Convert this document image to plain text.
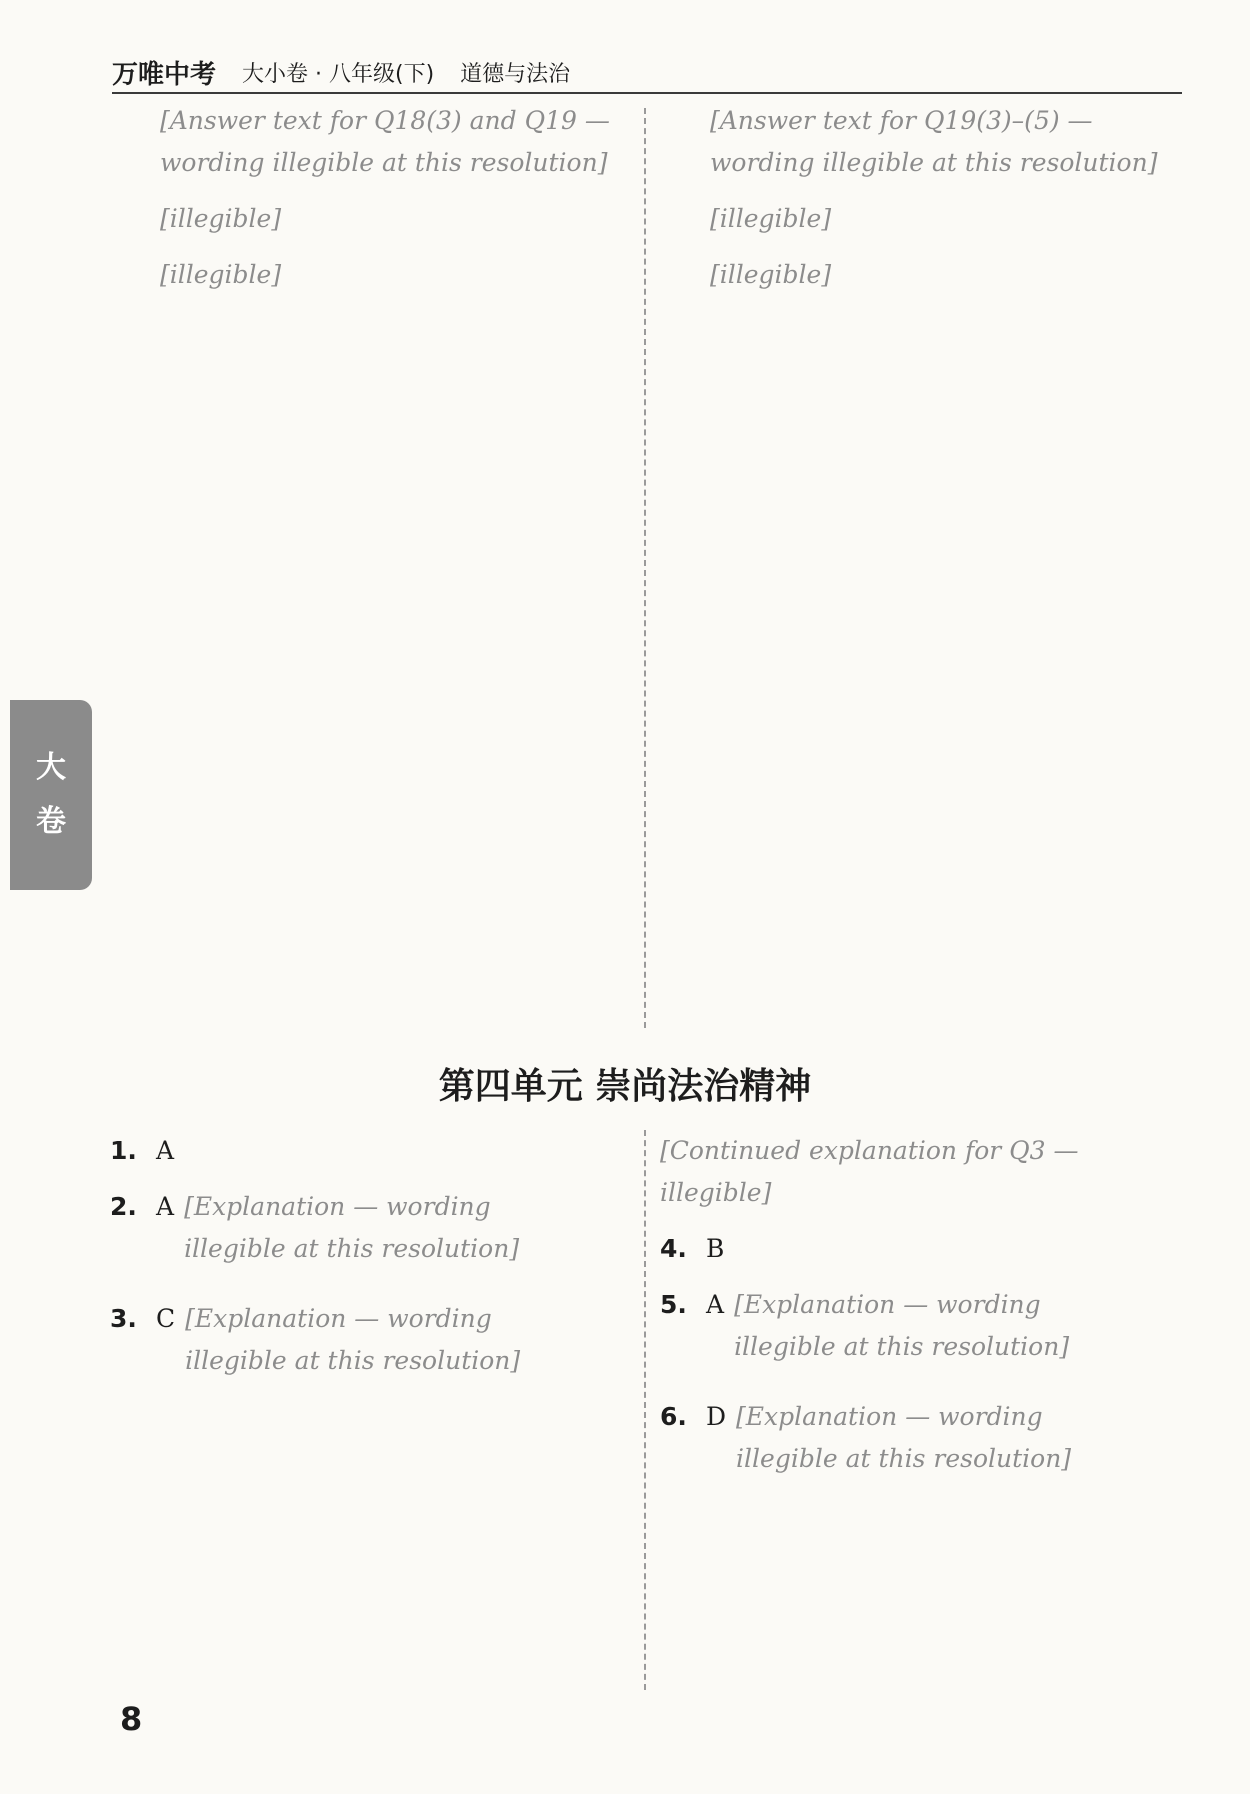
万唯中考 大小卷 · 八年级(下) 道德与法治
大
卷

[Answer text for Q18(3) and Q19 — wording illegible at this resolution]

[illegible]

[illegible]

[Answer text for Q19(3)–(5) — wording illegible at this resolution]

[illegible]

[illegible]

第四单元 崇尚法治精神
1. A
2. A [Explanation — wording illegible at this resolution]
3. C [Explanation — wording illegible at this resolution]

[Continued explanation for Q3 — illegible]

4. B
5. A [Explanation — wording illegible at this resolution]
6. D [Explanation — wording illegible at this resolution]
8
